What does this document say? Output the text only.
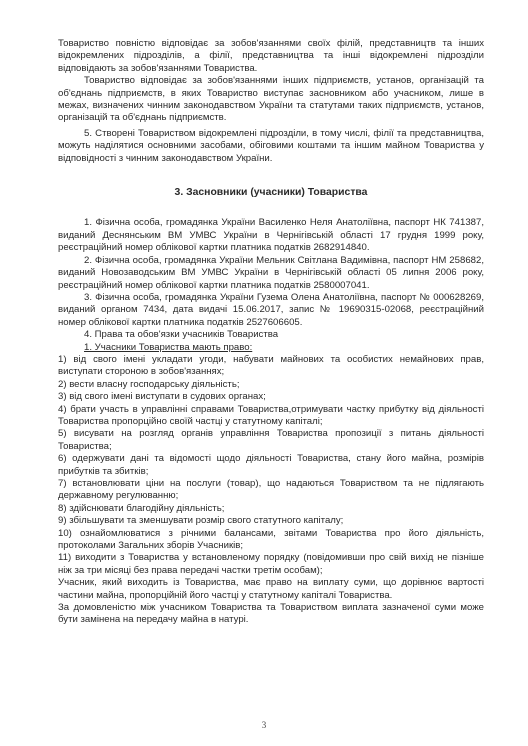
Товариство повністю відповідає за зобов'язаннями своїх філій, представництв та інших відокремлених підрозділів, а філії, представництва та інші відокремлені підрозділи відповідають за зобов'язаннями Товариства.

Товариство відповідає за зобов'язаннями інших підприємств, установ, організацій та об'єднань підприємств, в яких Товариство виступає засновником або учасником, лише в межах, визначених чинним законодавством України та статутами таких підприємств, установ, організацій та об'єднань підприємств.

5. Створені Товариством відокремлені підрозділи, в тому числі, філії та представництва, можуть наділятися основними засобами, обіговими коштами та іншим майном Товариства у відповідності з чинним законодавством України.

3. Засновники (учасники) Товариства

1. Фізична особа, громадянка України Василенко Неля Анатоліївна, паспорт НК 741387, виданий Деснянським ВМ УМВС України в Чернігівській області 17 грудня 1999 року, реєстраційний номер облікової картки платника податків 2682914840.

2. Фізична особа, громадянка України Мельник Світлана Вадимівна, паспорт НМ 258682, виданий Новозаводським ВМ УМВС України в Чернігівській області 05 липня 2006 року, реєстраційний номер облікової картки платника податків 2580007041.

3. Фізична особа, громадянка України Гузема Олена Анатоліївна, паспорт № 000628269, виданий органом 7434, дата видачі 15.06.2017, запис № 19690315-02068, реєстраційний номер облікової картки платника податків 2527606605.

4. Права та обов'язки учасників Товариства

1. Учасники Товариства мають право:

1) від свого імені укладати угоди, набувати майнових та особистих немайнових прав, виступати стороною в зобов'язаннях;

2) вести власну господарську діяльність;

3) від свого імені виступати в судових органах;

4) брати участь в управлінні справами Товариства,отримувати частку прибутку від діяльності Товариства пропорційно своїй частці у статутному капіталі;

5) висувати на розгляд органів управління Товариства пропозиції з питань діяльності Товариства;

6) одержувати дані та відомості щодо діяльності Товариства, стану його майна, розмірів прибутків та збитків;

7) встановлювати ціни на послуги (товар), що надаються Товариством та не підлягають державному регулюванню;

8) здійснювати благодійну діяльність;

9) збільшувати та зменшувати розмір свого статутного капіталу;

10) ознайомлюватися з річними балансами, звітами Товариства про його діяльність, протоколами Загальних зборів Учасників;

11) виходити з Товариства у встановленому порядку (повідомивши про свій вихід не пізніше ніж за три місяці без права передачі частки третім особам);

Учасник, який виходить із Товариства, має право на виплату суми, що дорівнює вартості частини майна, пропорційній його частці у статутному капіталі Товариства.

За домовленістю між учасником Товариства та Товариством виплата зазначеної суми може бути замінена на передачу майна в натурі.

3
